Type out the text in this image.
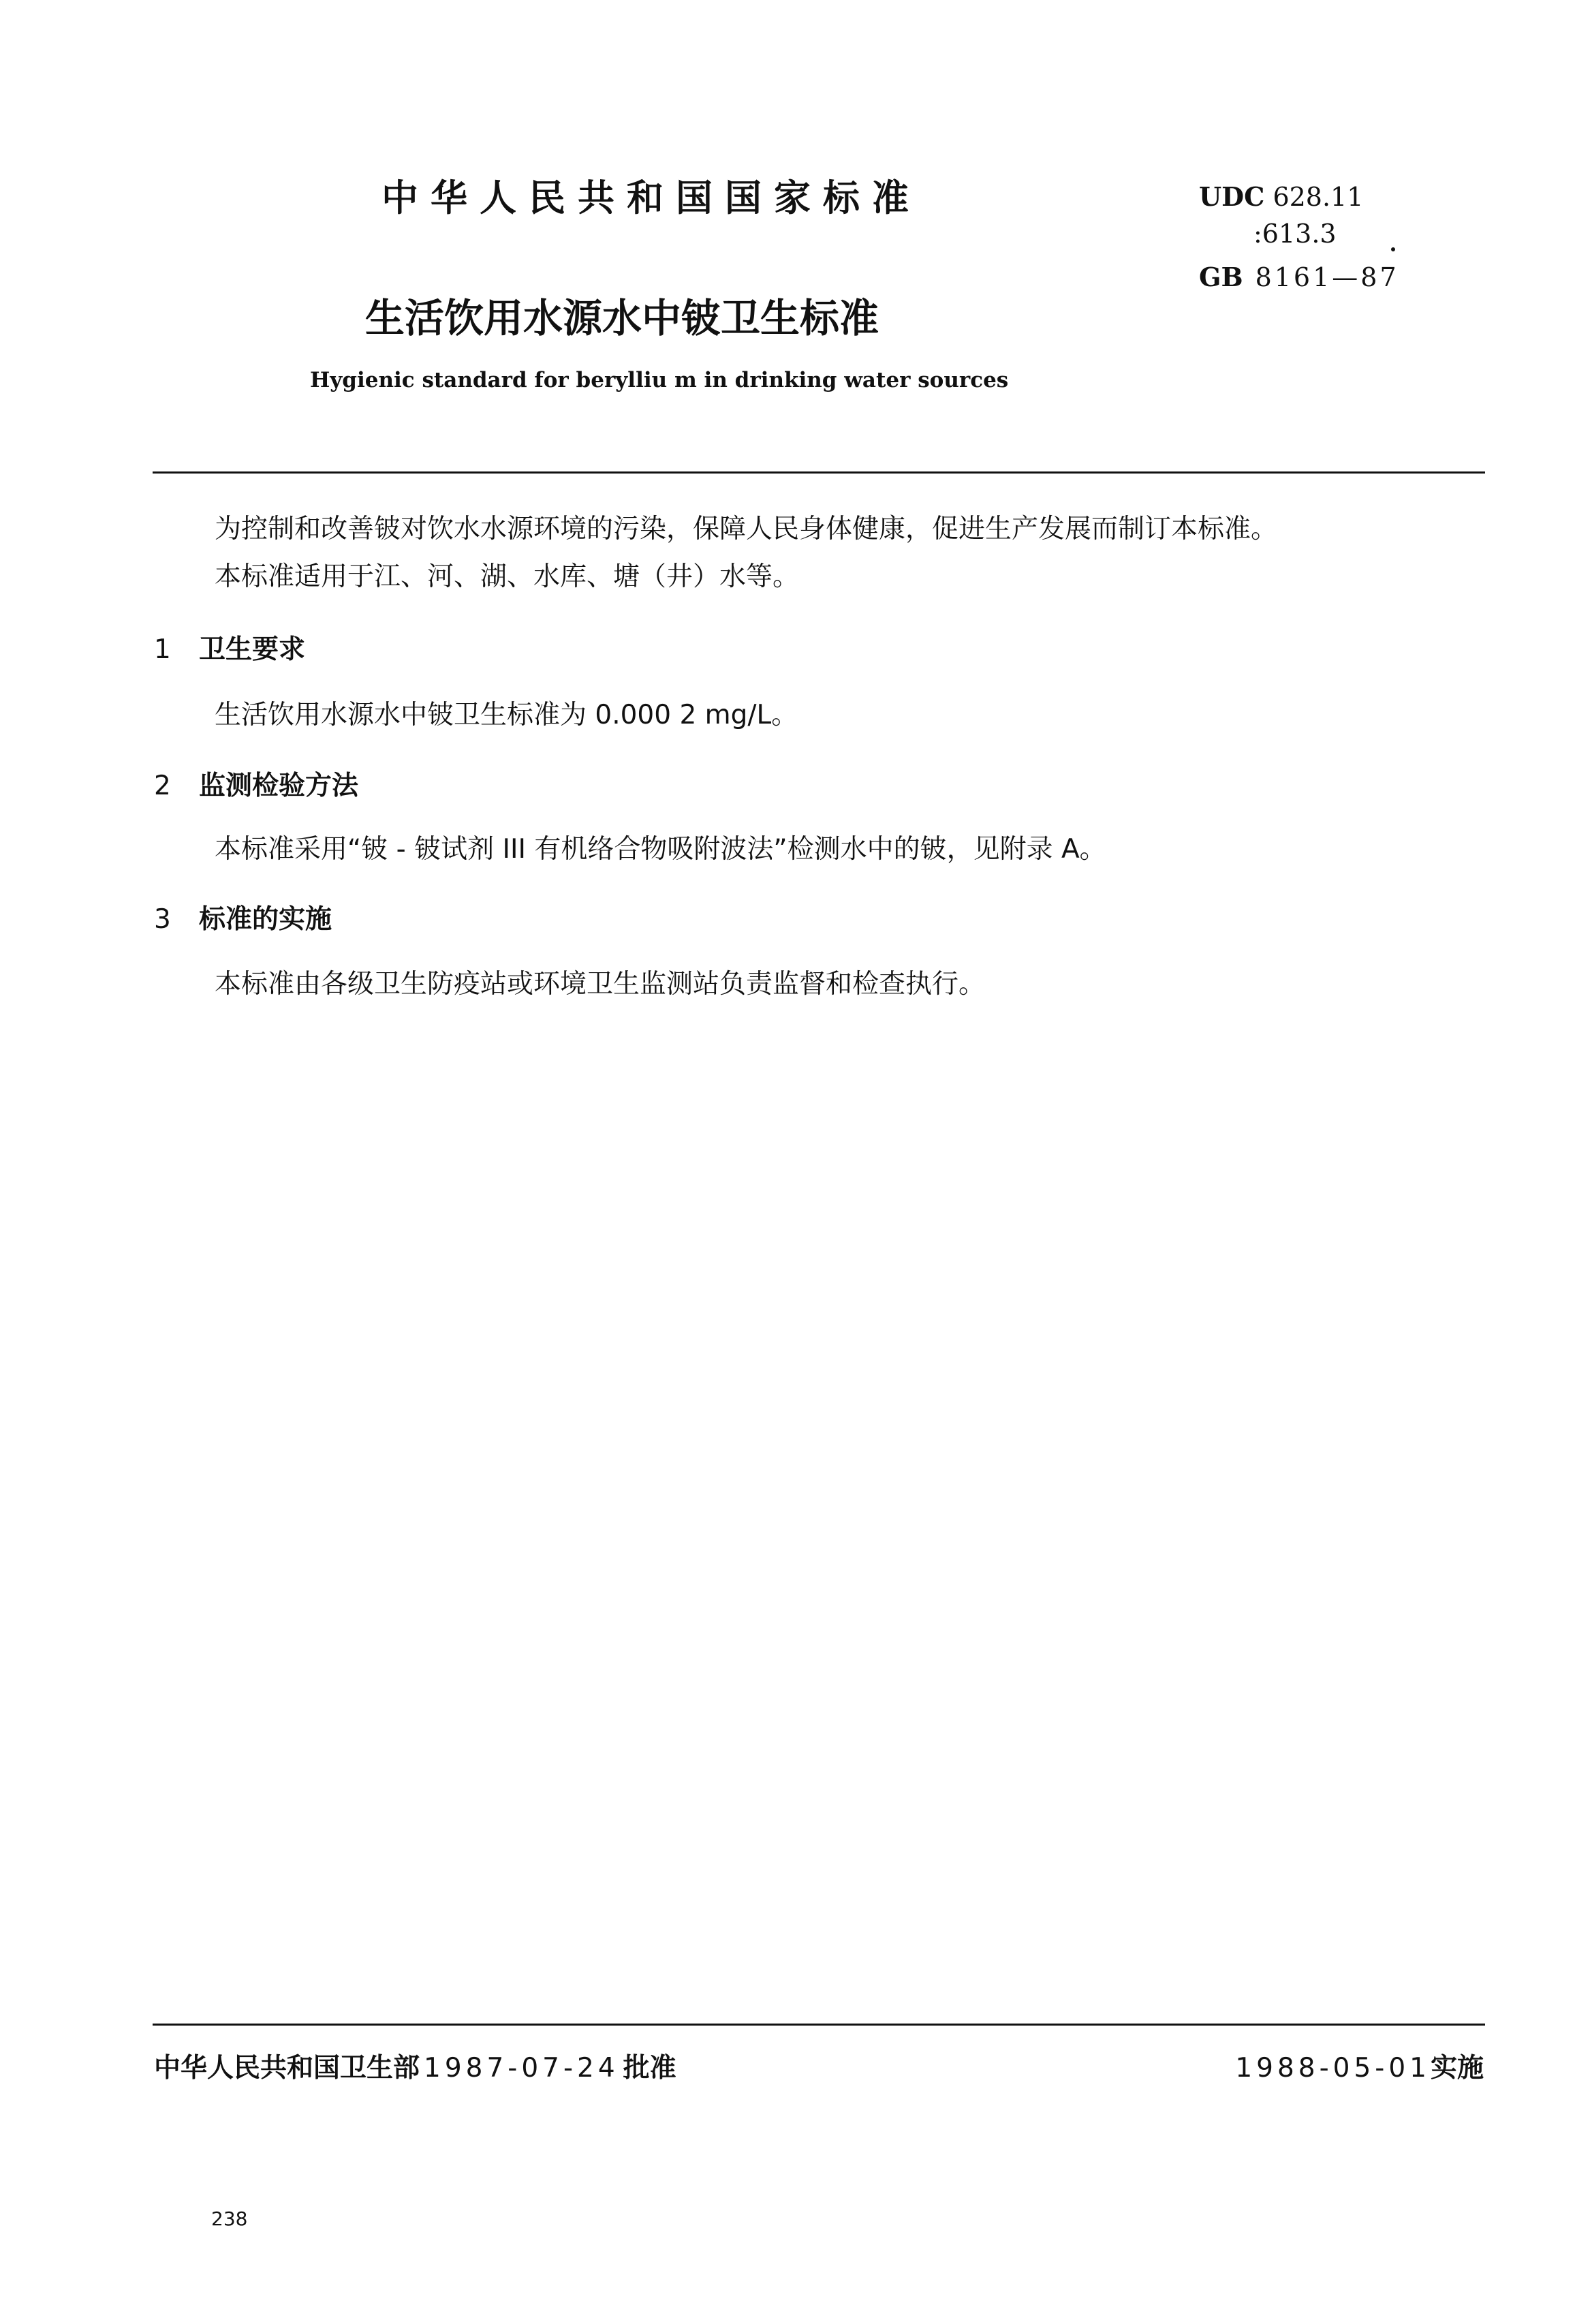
中华人民共和国国家标准	UDC 628.11
:613.3
GB 8161—87
生活饮用水源水中铍卫生标准
Hygienic standard for berylliu m in drinking water sources
为控制和改善铍对饮水水源环境的污染，保障人民身体健康，促进生产发展而制订本标准。
本标准适用于江、河、湖、水库、塘（井）水等。
1 卫生要求
生活饮用水源水中铍卫生标准为 0.000 2 mg/L。
2 监测检验方法
本标准采用“铍 - 铍试剂 III 有机络合物吸附波法”检测水中的铍，见附录 A。
3 标准的实施
本标准由各级卫生防疫站或环境卫生监测站负责监督和检查执行。
中华人民共和国卫生部 1987-07-24 批准	1988-05-01实施
238
